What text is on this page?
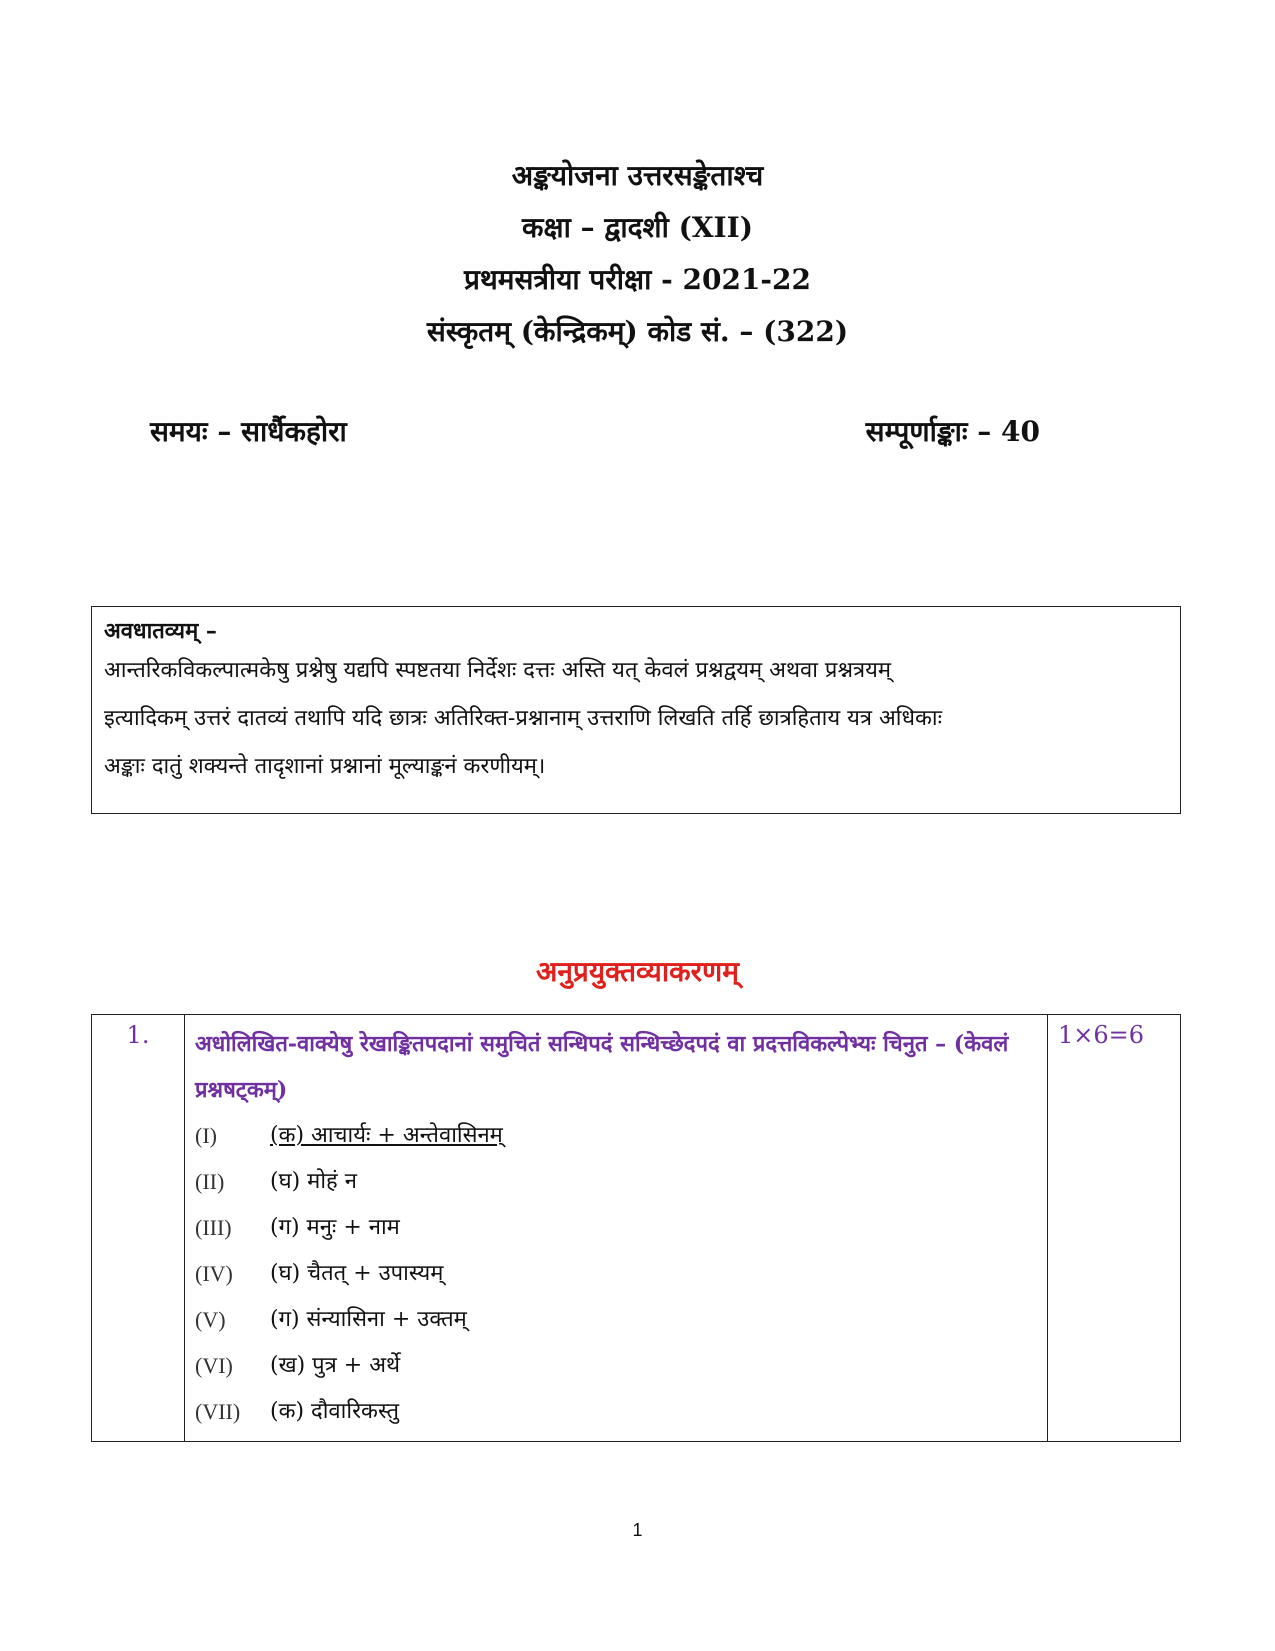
अङ्कयोजना उत्तरसङ्केताश्च
कक्षा – द्वादशी (XII)
प्रथमसत्रीया परीक्षा - 2021-22
संस्कृतम् (केन्द्रिकम्) कोड सं. – (322)
समयः – सार्धैकहोरा	सम्पूर्णाङ्काः – 40
अवधातव्यम् –
आन्तरिकविकल्पात्मकेषु प्रश्नेषु यद्यपि स्पष्टतया निर्देशः दत्तः अस्ति यत् केवलं प्रश्नद्वयम् अथवा प्रश्नत्रयम्
इत्यादिकम् उत्तरं दातव्यं तथापि यदि छात्रः अतिरिक्त-प्रश्नानाम् उत्तराणि लिखति तर्हि छात्रहिताय यत्र अधिकाः
अङ्काः दातुं शक्यन्ते तादृशानां प्रश्नानां मूल्याङ्कनं करणीयम्।
अनुप्रयुक्तव्याकरणम्
1.	अधोलिखित-वाक्येषु रेखाङ्कितपदानां समुचितं सन्धिपदं सन्धिच्छेदपदं वा प्रदत्तविकल्पेभ्यः चिनुत – (केवलं प्रश्नषट्कम्)
(I)	(क) आचार्यः + अन्तेवासिनम्
(II)	(घ) मोहं न
(III)	(ग) मनुः + नाम
(IV)	(घ) चैतत् + उपास्यम्
(V)	(ग) संन्यासिना + उक्तम्
(VI)	(ख) पुत्र + अर्थे
(VII)	(क) दौवारिकस्तु
	1×6=6
1
